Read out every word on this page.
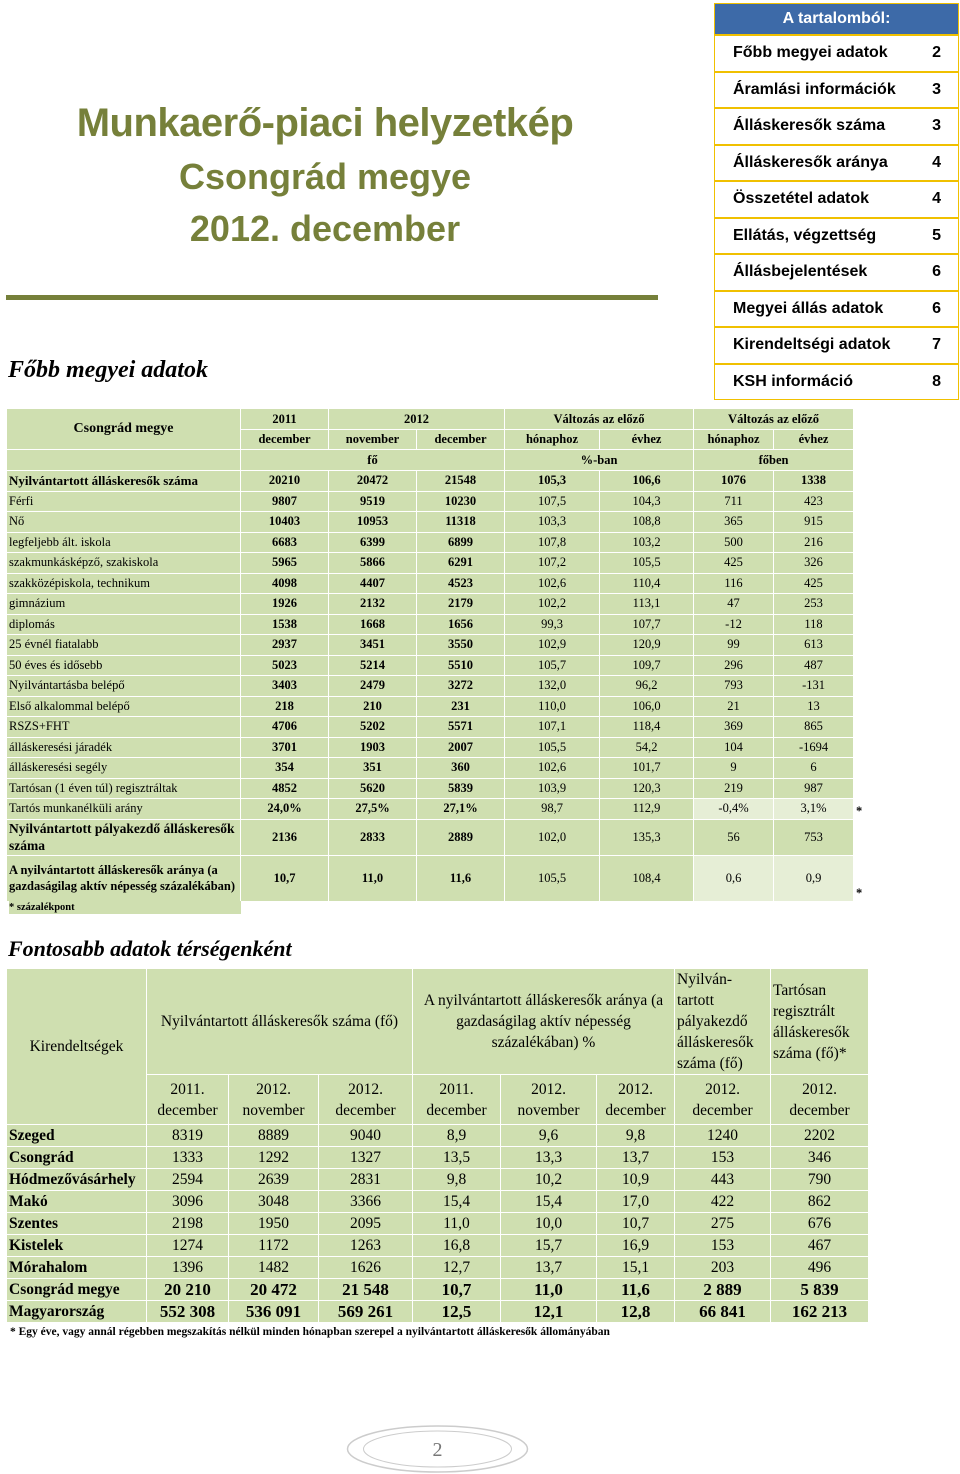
Munkaerő-piaci helyzetkép
Csongrád megye
2012. december
A tartalomból:
Főbb megyei adatok	2
Áramlási információk 3
Álláskeresők száma	3
Álláskeresők aránya	4
Összetétel adatok	4
Ellátás, végzettség	5
Állásbejelentések	6
Megyei állás adatok	6
Kirendeltségi adatok	7
KSH információ	8
Főbb megyei adatok
Csongrád megye	2011	2012		Változás az előző		Változás az előző		
	december	november	december	hónaphoz	évhez	hónaphoz	évhez	
	fő			%-ban		főben		
Nyilvántartott álláskeresők száma	20210	20472	21548	105,3	106,6	1076	1338	
Férfi	9807	9519	10230	107,5	104,3	711	423	
Nő	10403	10953	11318	103,3	108,8	365	915	
legfeljebb ált. iskola	6683	6399	6899	107,8	103,2	500	216	
szakmunkásképző, szakiskola	5965	5866	6291	107,2	105,5	425	326	
szakközépiskola, technikum	4098	4407	4523	102,6	110,4	116	425	
gimnázium	1926	2132	2179	102,2	113,1	47	253	
diplomás	1538	1668	1656	99,3	107,7	-12	118	
25 évnél fiatalabb	2937	3451	3550	102,9	120,9	99	613	
50 éves és idősebb	5023	5214	5510	105,7	109,7	296	487	
Nyilvántartásba belépő	3403	2479	3272	132,0	96,2	793	-131	
Első alkalommal belépő	218	210	231	110,0	106,0	21	13	
RSZS+FHT	4706	5202	5571	107,1	118,4	369	865	
álláskeresési járadék	3701	1903	2007	105,5	54,2	104	-1694	
álláskeresési segély	354	351	360	102,6	101,7	9	6	
Tartósan (1 éven túl) regisztráltak	4852	5620	5839	103,9	120,3	219	987	
Tartós munkanélküli arány	24,0%	27,5%	27,1%	98,7	112,9	-0,4%	3,1%	*
Nyilvántartott pályakezdő álláskeresők száma	2136	2833	2889	102,0	135,3	56	753	
A nyilvántartott álláskeresők aránya (a gazdaságilag aktív népesség százalékában)	10,7	11,0	11,6	105,5	108,4	0,6	0,9	*
* százalékpont
Fontosabb adatok térségenként
Kirendeltségek	Nyilvántartott álláskeresők száma (fő)			A nyilvántartott álláskeresők aránya (a gazdaságilag aktív népesség százalékában) %			Nyilván-tartott pályakezdő álláskeresők száma (fő)	Tartósan regisztrált álláskeresők száma (fő)*
	2011. december	2012. november	2012. december	2011. december	2012. november	2012. december	2012. december	2012. december
Szeged	8319	8889	9040	8,9	9,6	9,8	1240	2202
Csongrád	1333	1292	1327	13,5	13,3	13,7	153	346
Hódmezővásárhely	2594	2639	2831	9,8	10,2	10,9	443	790
Makó	3096	3048	3366	15,4	15,4	17,0	422	862
Szentes	2198	1950	2095	11,0	10,0	10,7	275	676
Kistelek	1274	1172	1263	16,8	15,7	16,9	153	467
Mórahalom	1396	1482	1626	12,7	13,7	15,1	203	496
Csongrád megye	20 210	20 472	21 548	10,7	11,0	11,6	2 889	5 839
Magyarország	552 308	536 091	569 261	12,5	12,1	12,8	66 841	162 213
* Egy éve, vagy annál régebben megszakítás nélkül minden hónapban szerepel a nyilvántartott álláskeresők állományában
2
